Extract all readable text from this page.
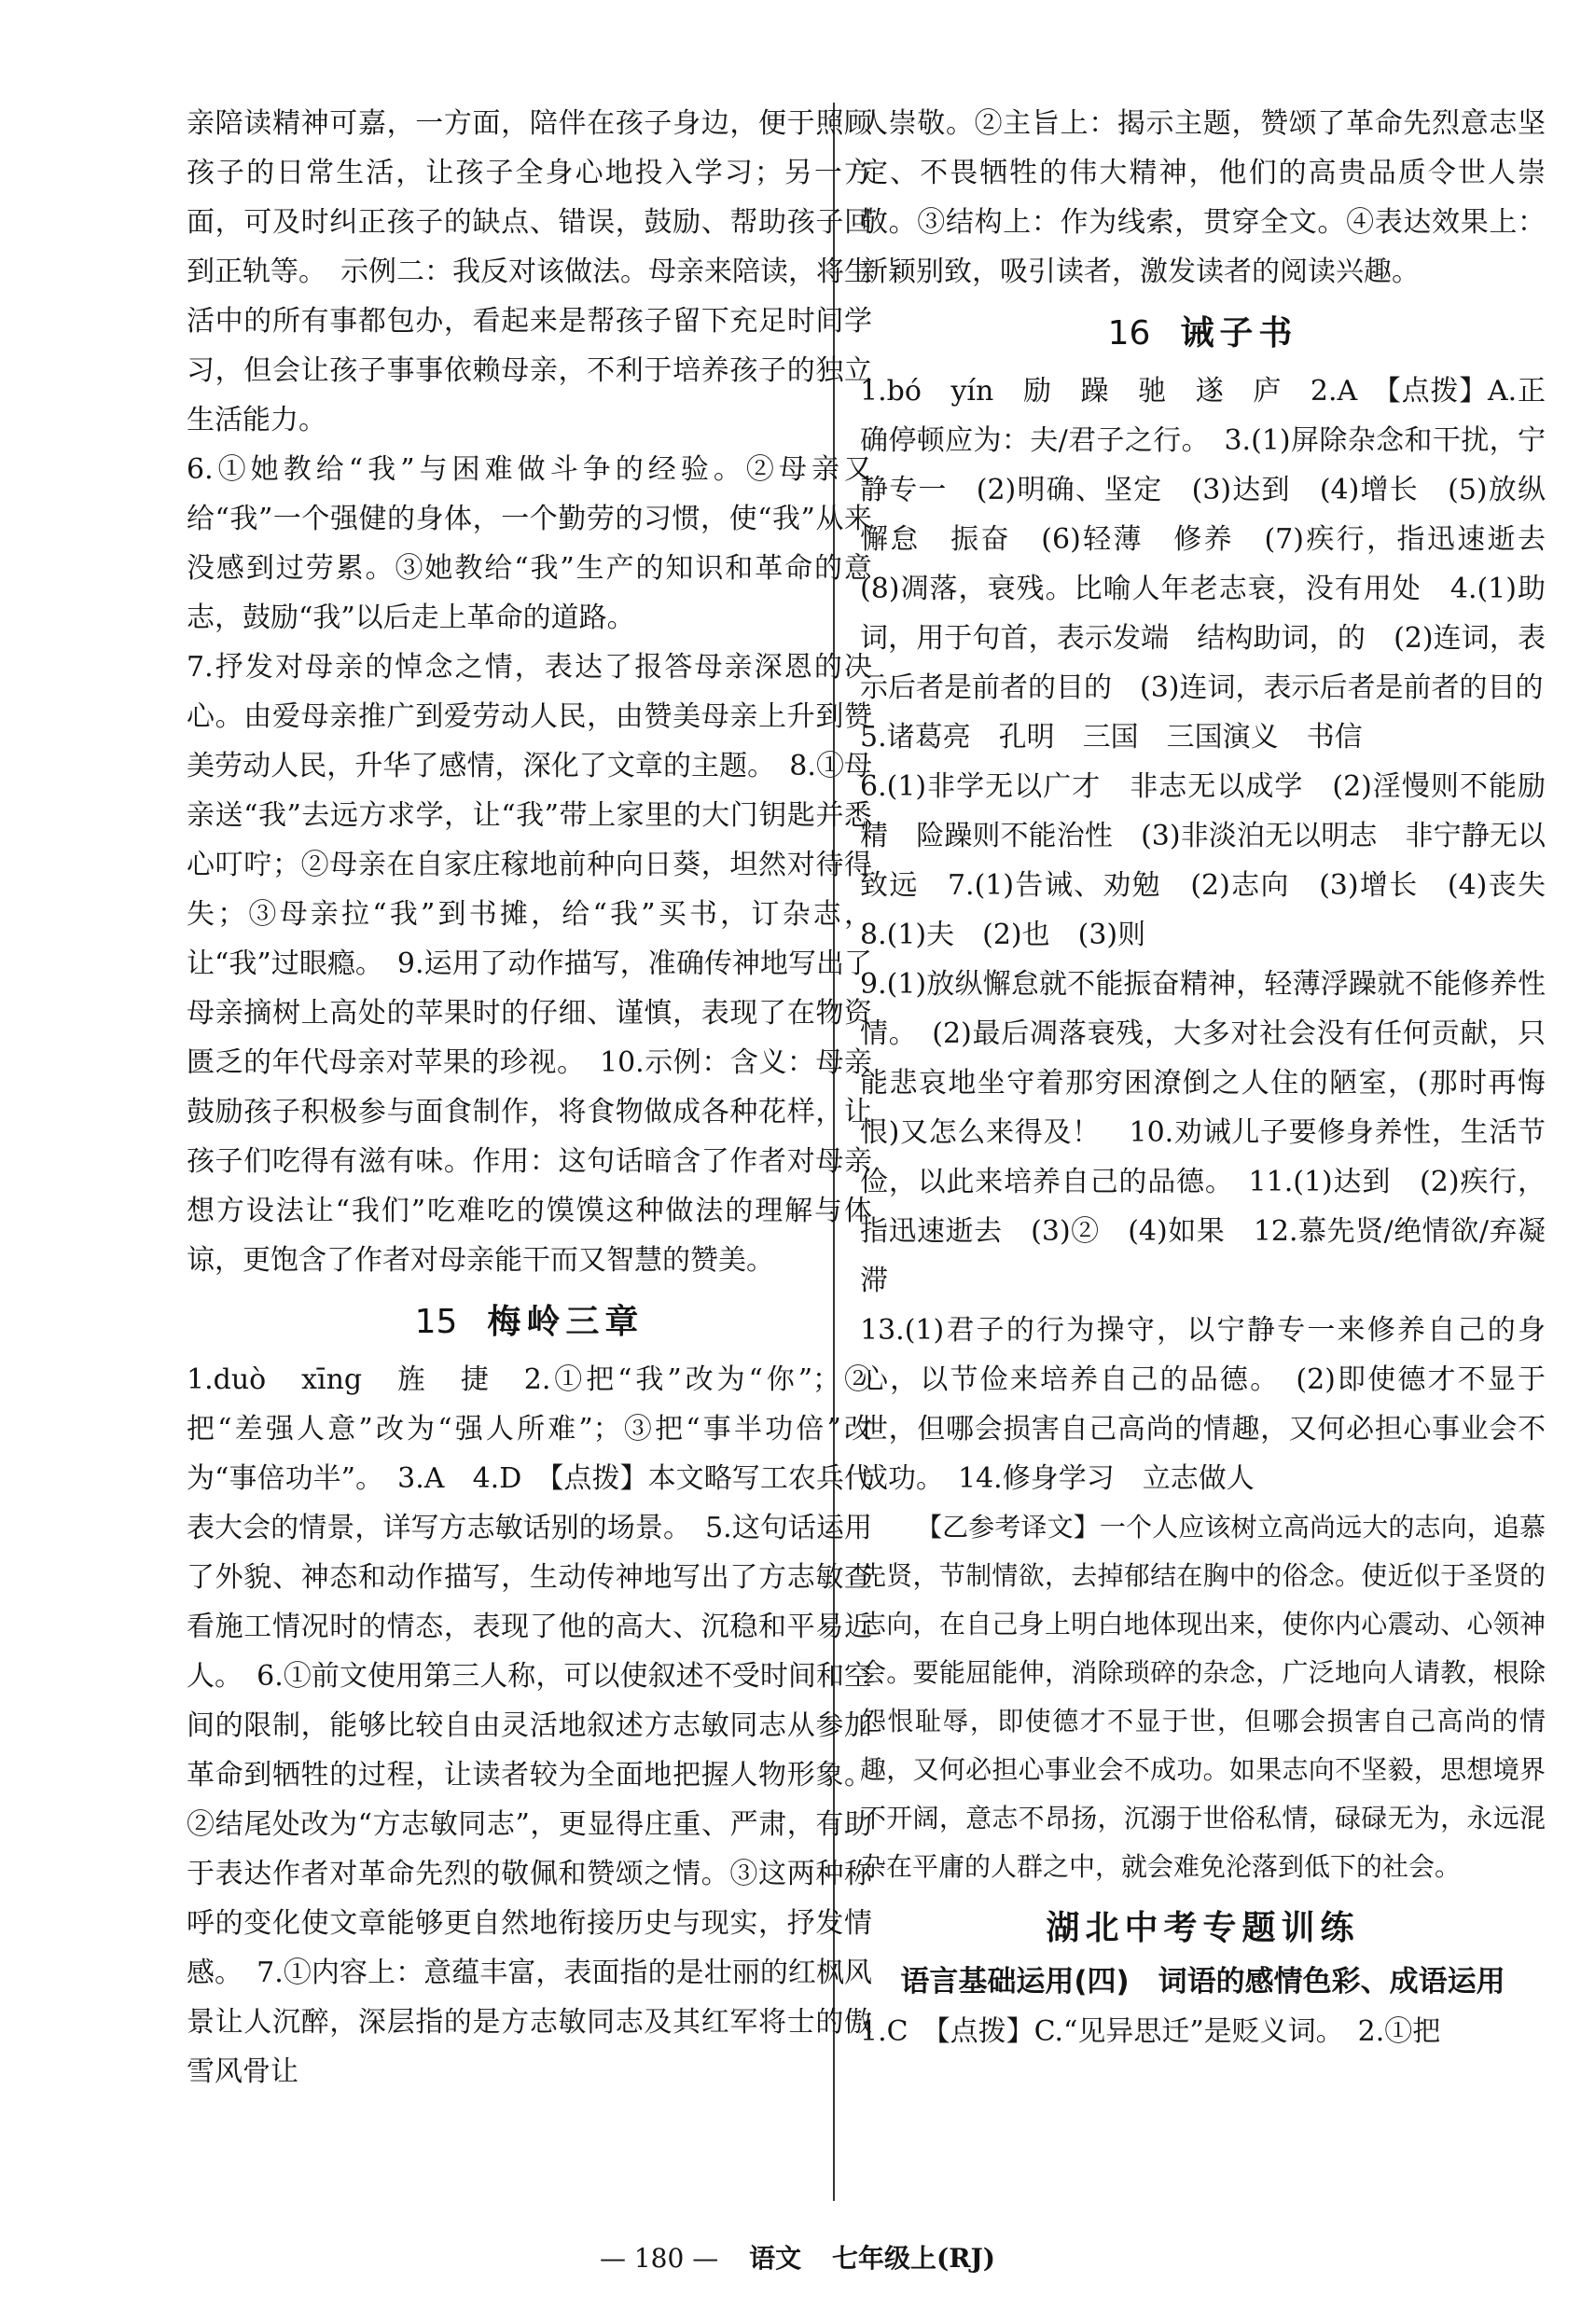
亲陪读精神可嘉，一方面，陪伴在孩子身边，便于照顾孩子的日常生活，让孩子全身心地投入学习；另一方面，可及时纠正孩子的缺点、错误，鼓励、帮助孩子回到正轨等。　示例二：我反对该做法。母亲来陪读，将生活中的所有事都包办，看起来是帮孩子留下充足时间学习，但会让孩子事事依赖母亲，不利于培养孩子的独立生活能力。

6.①她教给“我”与困难做斗争的经验。②母亲又给“我”一个强健的身体，一个勤劳的习惯，使“我”从来没感到过劳累。③她教给“我”生产的知识和革命的意志，鼓励“我”以后走上革命的道路。

7.抒发对母亲的悼念之情，表达了报答母亲深恩的决心。由爱母亲推广到爱劳动人民，由赞美母亲上升到赞美劳动人民，升华了感情，深化了文章的主题。　8.①母亲送“我”去远方求学，让“我”带上家里的大门钥匙并悉心叮咛；②母亲在自家庄稼地前种向日葵，坦然对待得失；③母亲拉“我”到书摊，给“我”买书，订杂志，让“我”过眼瘾。　9.运用了动作描写，准确传神地写出了母亲摘树上高处的苹果时的仔细、谨慎，表现了在物资匮乏的年代母亲对苹果的珍视。　10.示例：含义：母亲鼓励孩子积极参与面食制作，将食物做成各种花样，让孩子们吃得有滋有味。作用：这句话暗含了作者对母亲想方设法让“我们”吃难吃的馍馍这种做法的理解与体谅，更饱含了作者对母亲能干而又智慧的赞美。

15 梅岭三章

1.duò　xīng　旌　捷　2.①把“我”改为“你”；②把“差强人意”改为“强人所难”；③把“事半功倍”改为“事倍功半”。　3.A　4.D　【点拨】本文略写工农兵代表大会的情景，详写方志敏话别的场景。　5.这句话运用了外貌、神态和动作描写，生动传神地写出了方志敏查看施工情况时的情态，表现了他的高大、沉稳和平易近人。　6.①前文使用第三人称，可以使叙述不受时间和空间的限制，能够比较自由灵活地叙述方志敏同志从参加革命到牺牲的过程，让读者较为全面地把握人物形象。②结尾处改为“方志敏同志”，更显得庄重、严肃，有助于表达作者对革命先烈的敬佩和赞颂之情。③这两种称呼的变化使文章能够更自然地衔接历史与现实，抒发情感。　7.①内容上：意蕴丰富，表面指的是壮丽的红枫风景让人沉醉，深层指的是方志敏同志及其红军将士的傲雪风骨让

人崇敬。②主旨上：揭示主题，赞颂了革命先烈意志坚定、不畏牺牲的伟大精神，他们的高贵品质令世人崇敬。③结构上：作为线索，贯穿全文。④表达效果上：新颖别致，吸引读者，激发读者的阅读兴趣。

16 诫子书

1.bó　yín　励　躁　驰　遂　庐　2.A　【点拨】A.正确停顿应为：夫/君子之行。　3.(1)屏除杂念和干扰，宁静专一　(2)明确、坚定　(3)达到　(4)增长　(5)放纵懈怠　振奋　(6)轻薄　修养　(7)疾行，指迅速逝去　(8)凋落，衰残。比喻人年老志衰，没有用处　4.(1)助词，用于句首，表示发端　结构助词，的　(2)连词，表示后者是前者的目的　(3)连词，表示后者是前者的目的

5.诸葛亮　孔明　三国　三国演义　书信

6.(1)非学无以广才　非志无以成学　(2)淫慢则不能励精　险躁则不能治性　(3)非淡泊无以明志　非宁静无以致远　7.(1)告诫、劝勉　(2)志向　(3)增长　(4)丧失　8.(1)夫　(2)也　(3)则

9.(1)放纵懈怠就不能振奋精神，轻薄浮躁就不能修养性情。　(2)最后凋落衰残，大多对社会没有任何贡献，只能悲哀地坐守着那穷困潦倒之人住的陋室，(那时再悔恨)又怎么来得及！　10.劝诫儿子要修身养性，生活节俭，以此来培养自己的品德。　11.(1)达到　(2)疾行，指迅速逝去　(3)②　(4)如果　12.慕先贤/绝情欲/弃凝滞

13.(1)君子的行为操守，以宁静专一来修养自己的身心，以节俭来培养自己的品德。　(2)即使德才不显于世，但哪会损害自己高尚的情趣，又何必担心事业会不成功。　14.修身学习　立志做人

【乙参考译文】一个人应该树立高尚远大的志向，追慕先贤，节制情欲，去掉郁结在胸中的俗念。使近似于圣贤的志向，在自己身上明白地体现出来，使你内心震动、心领神会。要能屈能伸，消除琐碎的杂念，广泛地向人请教，根除怨恨耻辱，即使德才不显于世，但哪会损害自己高尚的情趣，又何必担心事业会不成功。如果志向不坚毅，思想境界不开阔，意志不昂扬，沉溺于世俗私情，碌碌无为，永远混杂在平庸的人群之中，就会难免沦落到低下的社会。

湖北中考专题训练
语言基础运用(四)　词语的感情色彩、成语运用

1.C　【点拨】C.“见异思迁”是贬义词。　2.①把

— 180 — 语文 七年级上(RJ)
